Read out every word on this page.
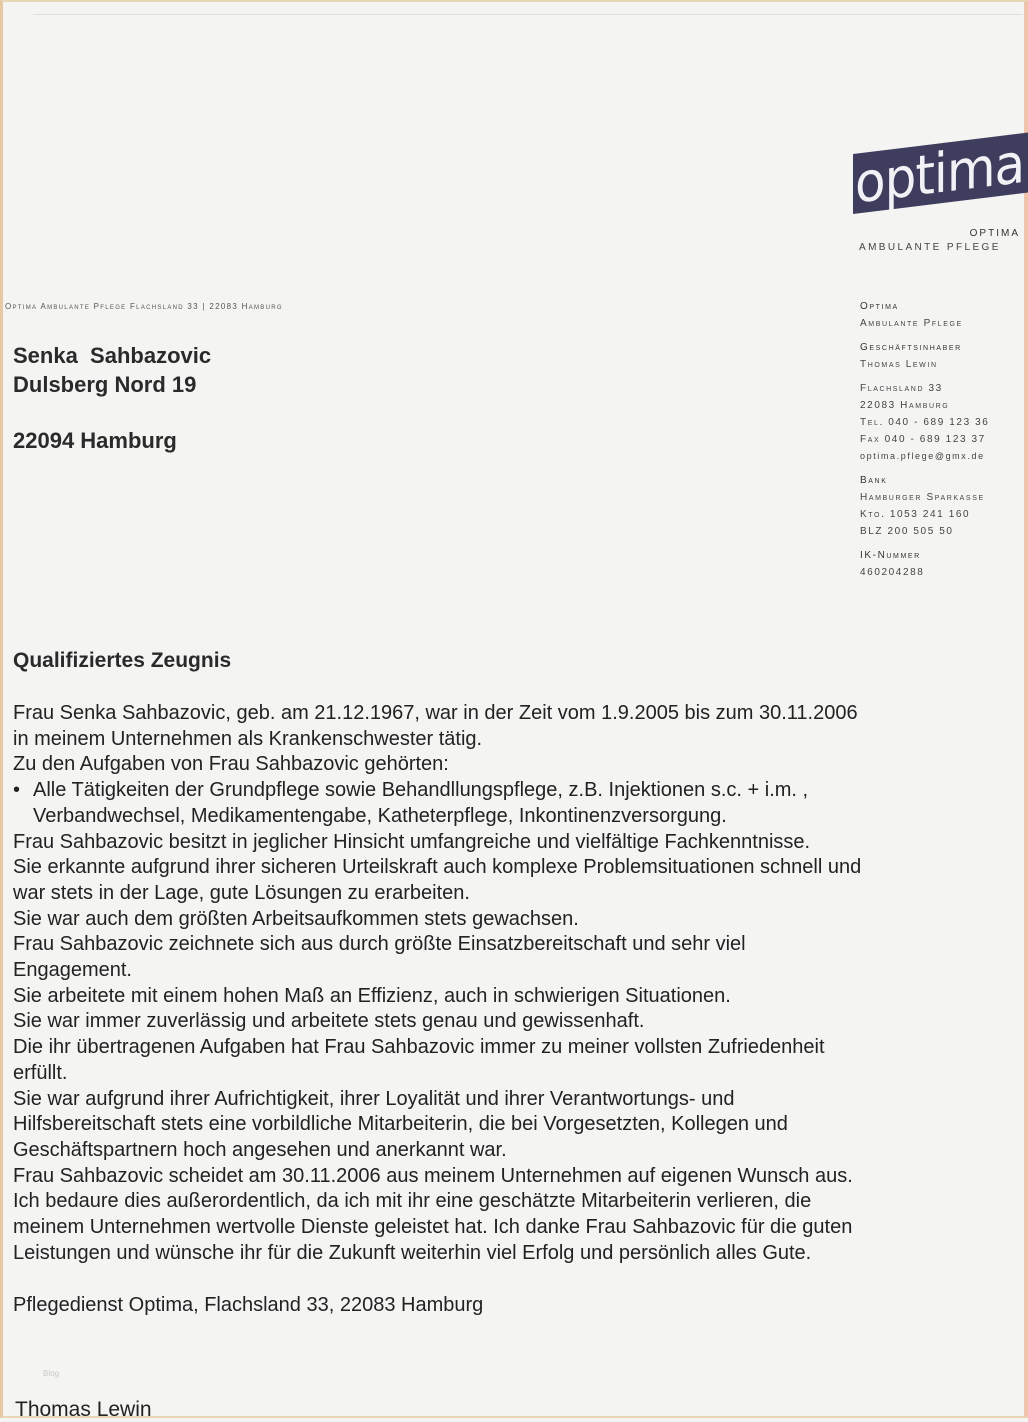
optima
OPTIMA
AMBULANTE PFLEGE
Optima Ambulante Pflege Flachsland 33 | 22083 Hamburg
Senka  Sahbazovic
Dulsberg Nord 19
22094 Hamburg
Optima
Ambulante Pflege
Geschäftsinhaber
Thomas Lewin
Flachsland 33
22083 Hamburg
Tel. 040 - 689 123 36
Fax 040 - 689 123 37
optima.pflege@gmx.de
Bank
Hamburger Sparkasse
Kto. 1053 241 160
BLZ 200 505 50
IK-Nummer
460204288
Qualifiziertes Zeugnis

Frau Senka Sahbazovic, geb. am 21.12.1967, war in der Zeit vom 1.9.2005 bis zum 30.11.2006

in meinem Unternehmen als Krankenschwester tätig.

Zu den Aufgaben von Frau Sahbazovic gehörten:

• Alle Tätigkeiten der Grundpflege sowie Behandllungspflege, z.B. Injektionen s.c. + i.m. ,
Verbandwechsel, Medikamentengabe, Katheterpflege, Inkontinenzversorgung.

Frau Sahbazovic besitzt in jeglicher Hinsicht umfangreiche und vielfältige Fachkenntnisse.

Sie erkannte aufgrund ihrer sicheren Urteilskraft auch komplexe Problemsituationen schnell und

war stets in der Lage, gute Lösungen zu erarbeiten.

Sie war auch dem größten Arbeitsaufkommen stets gewachsen.

Frau Sahbazovic zeichnete sich aus durch größte Einsatzbereitschaft und sehr viel

Engagement.

Sie arbeitete mit einem hohen Maß an Effizienz, auch in schwierigen Situationen.

Sie war immer zuverlässig und arbeitete stets genau und gewissenhaft.

Die ihr übertragenen Aufgaben hat Frau Sahbazovic immer zu meiner vollsten Zufriedenheit

erfüllt.

Sie war aufgrund ihrer Aufrichtigkeit, ihrer Loyalität und ihrer Verantwortungs- und

Hilfsbereitschaft stets eine vorbildliche Mitarbeiterin, die bei Vorgesetzten, Kollegen und

Geschäftspartnern hoch angesehen und anerkannt war.

Frau Sahbazovic scheidet am 30.11.2006 aus meinem Unternehmen auf eigenen Wunsch aus.

Ich bedaure dies außerordentlich, da ich mit ihr eine geschätzte Mitarbeiterin verlieren, die

meinem Unternehmen wertvolle Dienste geleistet hat. Ich danke Frau Sahbazovic für die guten

Leistungen und wünsche ihr für die Zukunft weiterhin viel Erfolg und persönlich alles Gute.

Pflegedienst Optima, Flachsland 33, 22083 Hamburg
Blog
Thomas Lewin
